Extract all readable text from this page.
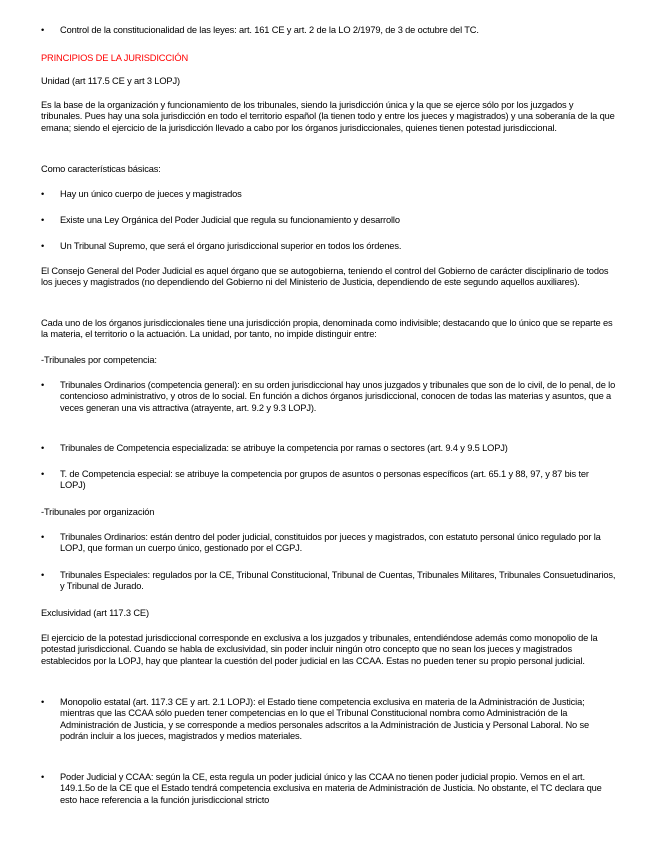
•	Control de la constitucionalidad de las leyes: art. 161 CE y art. 2 de la LO 2/1979, de 3 de octubre del TC.
PRINCIPIOS DE LA JURISDICCIÓN
Unidad (art 117.5 CE y art 3 LOPJ)
Es la base de la organización y funcionamiento de los tribunales, siendo la jurisdicción única y la que se ejerce sólo por los juzgados y tribunales. Pues hay una sola jurisdicción en todo el territorio español (la tienen todo y entre los jueces y magistrados) y una soberanía de la que emana; siendo el ejercicio de la jurisdicción llevado a cabo por los órganos jurisdiccionales, quienes tienen potestad jurisdiccional.
Como características básicas:
•	Hay un único cuerpo de jueces y magistrados
•	Existe una Ley Orgánica del Poder Judicial que regula su funcionamiento y desarrollo
•	Un Tribunal Supremo, que será el órgano jurisdiccional superior en todos los órdenes.
El Consejo General del Poder Judicial es aquel órgano que se autogobierna, teniendo el control del Gobierno de carácter disciplinario de todos los jueces y magistrados (no dependiendo del Gobierno ni del Ministerio de Justicia, dependiendo de este segundo aquellos auxiliares).
Cada uno de los órganos jurisdiccionales tiene una jurisdicción propia, denominada como indivisible; destacando que lo único que se reparte es la materia, el territorio o la actuación. La unidad, por tanto, no impide distinguir entre:
-Tribunales por competencia:
•	Tribunales Ordinarios (competencia general): en su orden jurisdiccional hay unos juzgados y tribunales que son de lo civil, de lo penal, de lo contencioso administrativo, y otros de lo social. En función a dichos órganos jurisdiccional, conocen de todas las materias y asuntos, que a veces generan una vis attractiva (atrayente, art. 9.2 y 9.3 LOPJ).
•	Tribunales de Competencia especializada: se atribuye la competencia por ramas o sectores (art. 9.4 y 9.5 LOPJ)
•	T. de Competencia especial: se atribuye la competencia por grupos de asuntos o personas específicos (art. 65.1 y 88, 97, y 87 bis ter LOPJ)
-Tribunales por organización
•	Tribunales Ordinarios: están dentro del poder judicial, constituidos por jueces y magistrados, con estatuto personal único regulado por la LOPJ, que forman un cuerpo único, gestionado por el CGPJ.
•	Tribunales Especiales: regulados por la CE, Tribunal Constitucional, Tribunal de Cuentas, Tribunales Militares, Tribunales Consuetudinarios, y Tribunal de Jurado.
Exclusividad (art 117.3 CE)
El ejercicio de la potestad jurisdiccional corresponde en exclusiva a los juzgados y tribunales, entendiéndose además como monopolio de la potestad jurisdiccional. Cuando se habla de exclusividad, sin poder incluir ningún otro concepto que no sean los jueces y magistrados establecidos por la LOPJ, hay que plantear la cuestión del poder judicial en las CCAA. Estas no pueden tener su propio personal judicial.
•	Monopolio estatal (art. 117.3 CE y art. 2.1 LOPJ): el Estado tiene competencia exclusiva en materia de la Administración de Justicia; mientras que las CCAA sólo pueden tener competencias en lo que el Tribunal Constitucional nombra como Administración de la Administración de Justicia, y se corresponde a medios personales adscritos a la Administración de Justicia y Personal Laboral. No se podrán incluir a los jueces, magistrados y medios materiales.
•	Poder Judicial y CCAA: según la CE, esta regula un poder judicial único y las CCAA no tienen poder judicial propio. Vemos en el art. 149.1.5o de la CE que el Estado tendrá competencia exclusiva en materia de Administración de Justicia. No obstante, el TC declara que esto hace referencia a la función jurisdiccional stricto
